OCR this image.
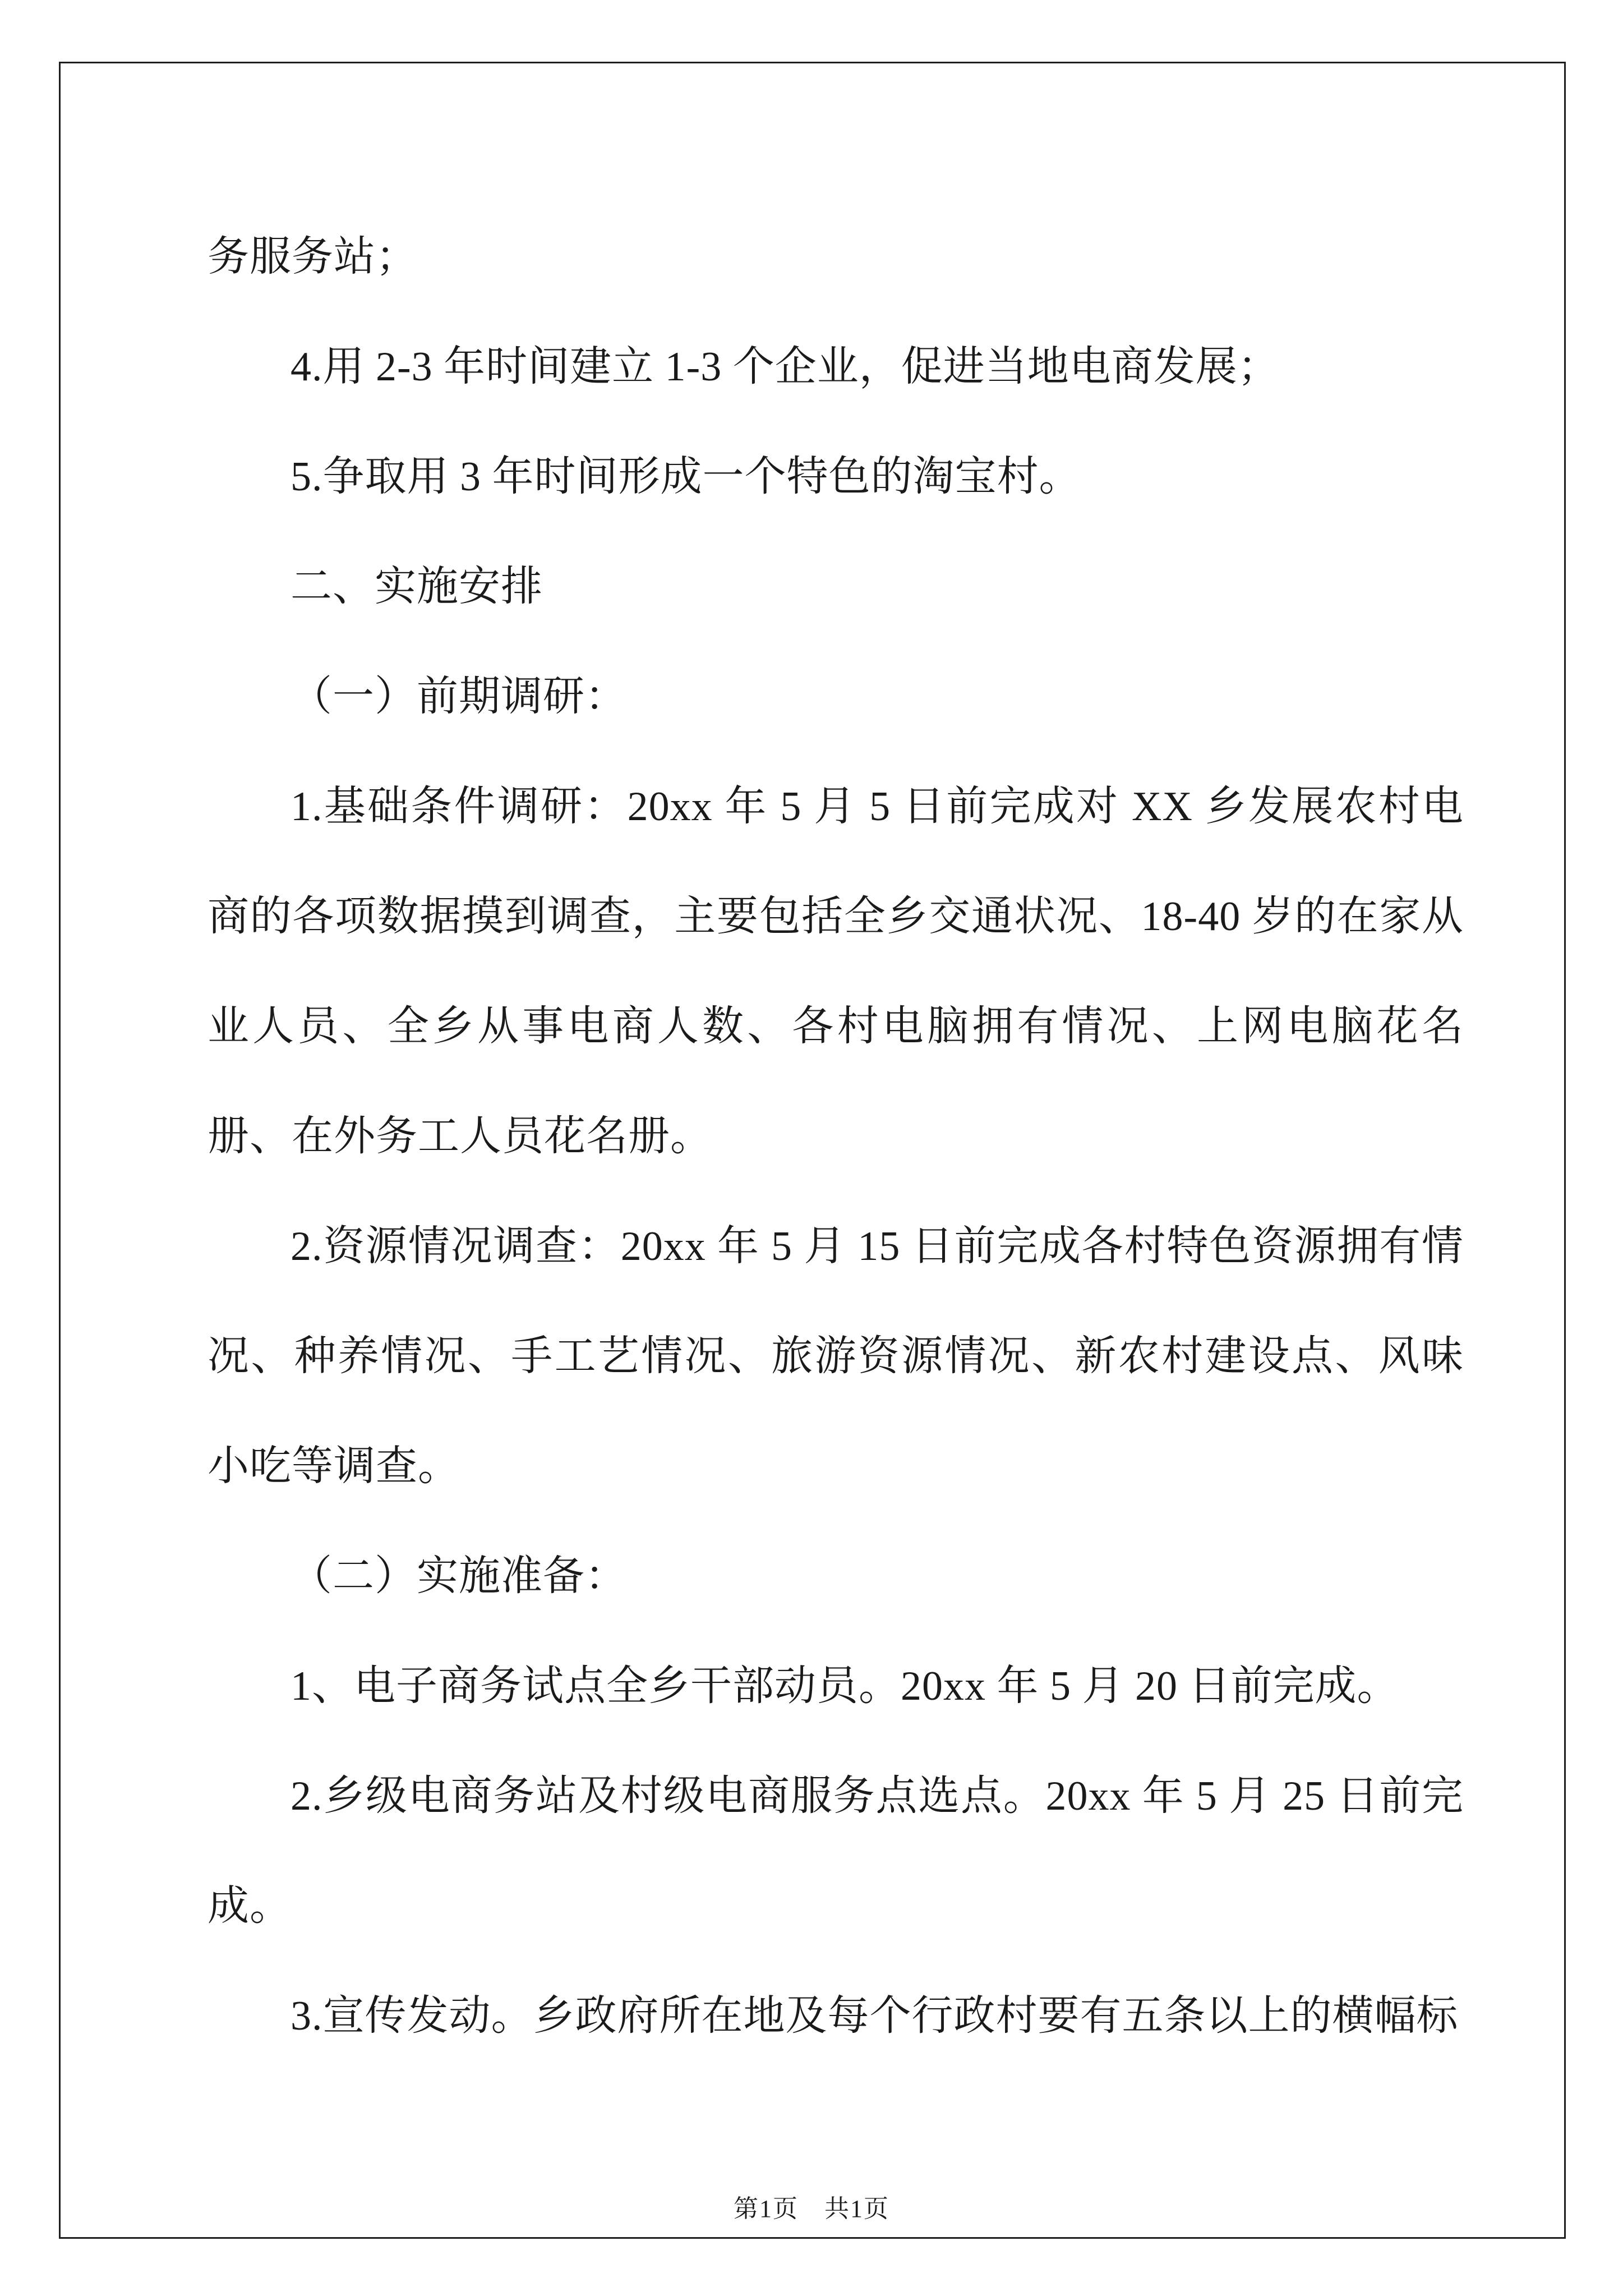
务服务站；

4.用 2-3 年时间建立 1-3 个企业，促进当地电商发展；

5.争取用 3 年时间形成一个特色的淘宝村。

二、实施安排

（一）前期调研：

1.基础条件调研：20xx 年 5 月 5 日前完成对 XX 乡发展农村电商的各项数据摸到调查，主要包括全乡交通状况、18-40 岁的在家从业人员、全乡从事电商人数、各村电脑拥有情况、上网电脑花名册、在外务工人员花名册。

2.资源情况调查：20xx 年 5 月 15 日前完成各村特色资源拥有情况、种养情况、手工艺情况、旅游资源情况、新农村建设点、风味小吃等调查。

（二）实施准备：

1、电子商务试点全乡干部动员。20xx 年 5 月 20 日前完成。

2.乡级电商务站及村级电商服务点选点。20xx 年 5 月 25 日前完成。

3.宣传发动。乡政府所在地及每个行政村要有五条以上的横幅标

第1页　共1页
